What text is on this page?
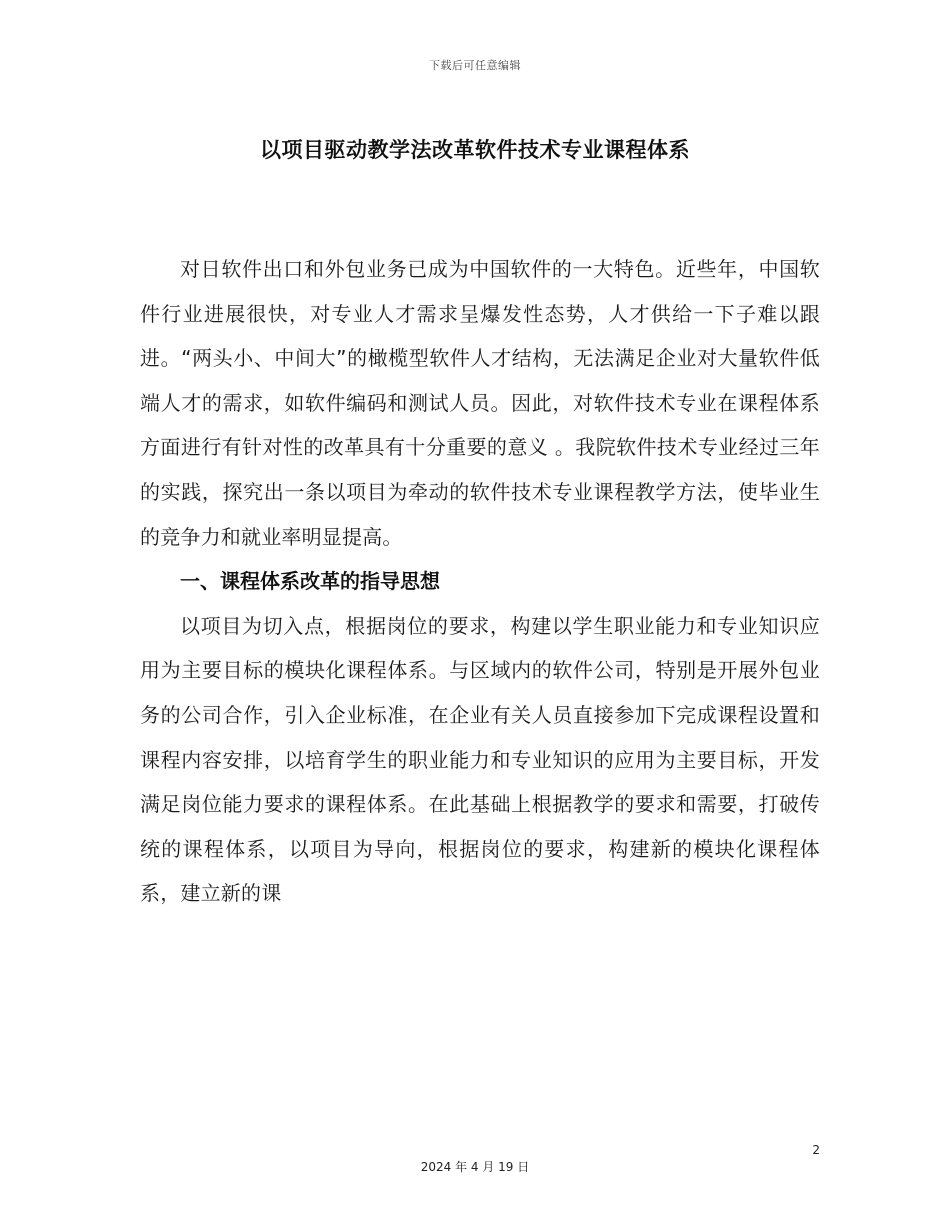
下载后可任意编辑
以项目驱动教学法改革软件技术专业课程体系

对日软件出口和外包业务已成为中国软件的一大特色。近些年，中国软件行业进展很快，对专业人才需求呈爆发性态势，人才供给一下子难以跟进。“两头小、中间大”的橄榄型软件人才结构，无法满足企业对大量软件低端人才的需求，如软件编码和测试人员。因此，对软件技术专业在课程体系方面进行有针对性的改革具有十分重要的意义 。我院软件技术专业经过三年的实践，探究出一条以项目为牵动的软件技术专业课程教学方法，使毕业生的竞争力和就业率明显提高。

一、课程体系改革的指导思想

以项目为切入点，根据岗位的要求，构建以学生职业能力和专业知识应用为主要目标的模块化课程体系。与区域内的软件公司，特别是开展外包业务的公司合作，引入企业标准，在企业有关人员直接参加下完成课程设置和课程内容安排，以培育学生的职业能力和专业知识的应用为主要目标，开发满足岗位能力要求的课程体系。在此基础上根据教学的要求和需要，打破传统的课程体系，以项目为导向，根据岗位的要求，构建新的模块化课程体系，建立新的课

2
2024 年 4 月 19 日
